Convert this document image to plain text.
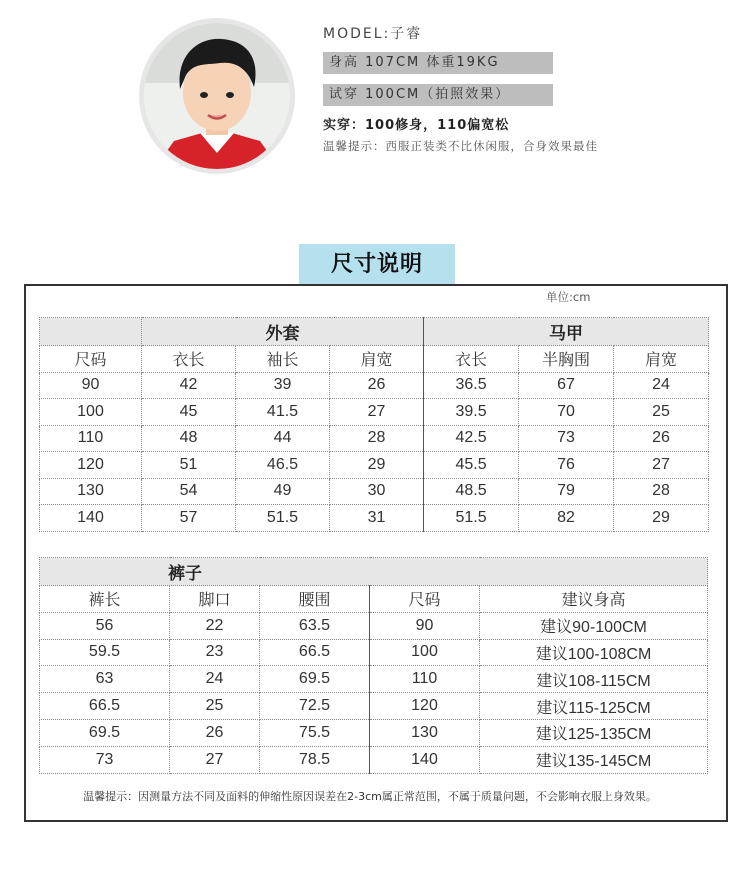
MODEL:子睿
身高 107CM 体重19KG
试穿 100CM（拍照效果）
实穿：100修身，110偏宽松
温馨提示：西服正装类不比休闲服，合身效果最佳
尺寸说明
单位:cm
	外套			马甲		
尺码	衣长	袖长	肩宽	衣长	半胸围	肩宽
90	42	39	26	36.5	67	24
100	45	41.5	27	39.5	70	25
110	48	44	28	42.5	73	26
120	51	46.5	29	45.5	76	27
130	54	49	30	48.5	79	28
140	57	51.5	31	51.5	82	29
裤子				
裤长	脚口	腰围	尺码	建议身高
56	22	63.5	90	建议90-100CM
59.5	23	66.5	100	建议100-108CM
63	24	69.5	110	建议108-115CM
66.5	25	72.5	120	建议115-125CM
69.5	26	75.5	130	建议125-135CM
73	27	78.5	140	建议135-145CM
温馨提示：因测量方法不同及面料的伸缩性原因误差在2-3cm属正常范围，不属于质量问题，不会影响衣服上身效果。
